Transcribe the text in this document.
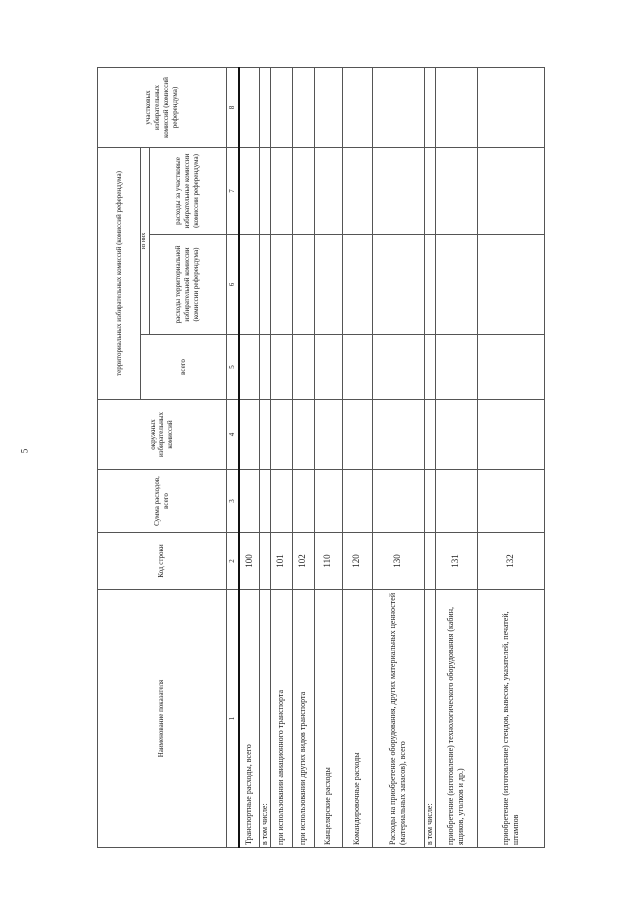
5
Наименование показателя	Код строки	Сумма расходов, всего	окружных избирательных комиссий	территориальных избирательных комиссий (комиссий референдума)			участковых избирательных комиссий (комиссий референдума)
				всего	из них		
					расходы территориальной избирательной комиссии (комиссии референдума)	расходы за участковые избирательные комиссии (комиссии референдума)	
1	2	3	4	5	6	7	8
Транспортные расходы, всего	100						
в том числе:							
при использовании авиационного транспорта	101						
при использовании других видов транспорта	102						
Канцелярские расходы	110						
Командировочные расходы	120						
Расходы на приобретение оборудования, других материальных ценностей (материальных запасов), всего	130						
в том числе:							
приобретение (изготовление) технологического оборудования (кабин, ящиков, уголков и др.)	131						
приобретение (изготовление) стендов, вывесок, указателей, печатей, штампов	132						
